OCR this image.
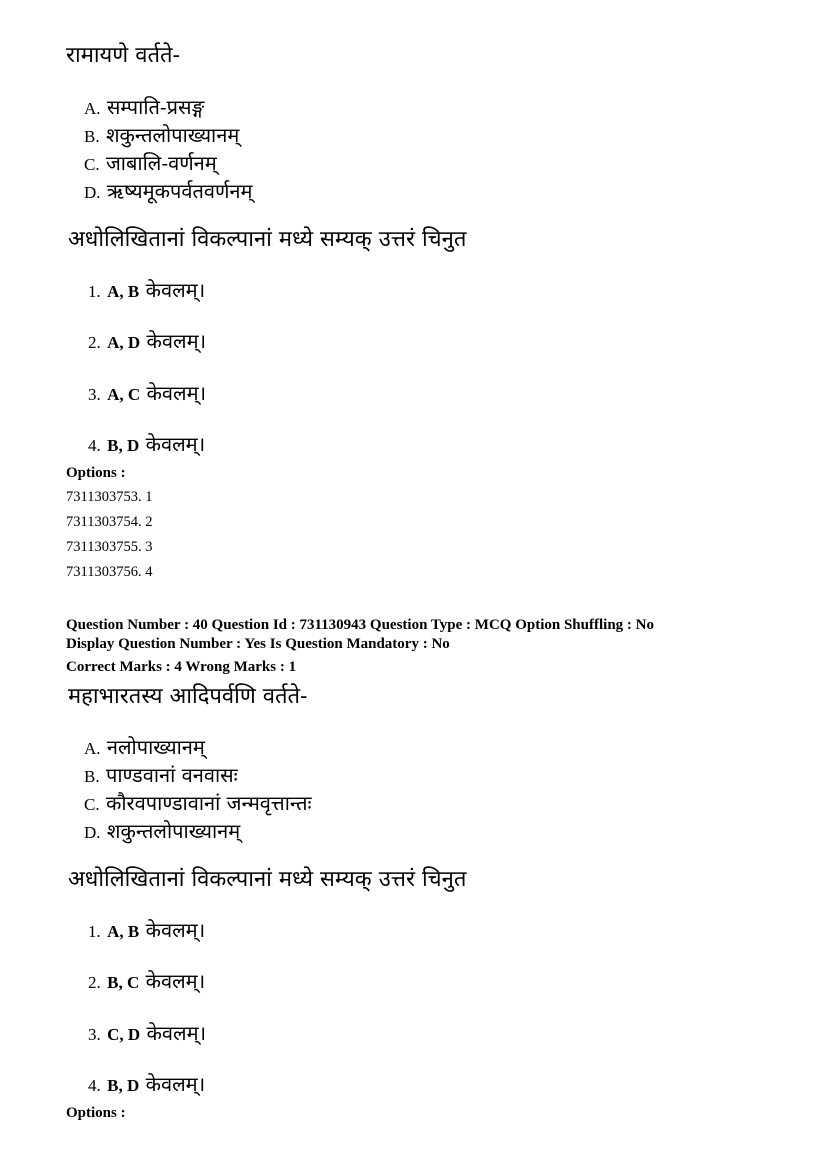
रामायणे वर्तते-
A. सम्पाति-प्रसङ्ग
B. शकुन्तलोपाख्यानम्
C. जाबालि-वर्णनम्
D. ऋष्यमूकपर्वतवर्णनम्
अधोलिखितानां विकल्पानां मध्ये सम्यक् उत्तरं चिनुत
1. A, B केवलम्।
2. A, D केवलम्।
3. A, C केवलम्।
4. B, D केवलम्।
Options :
7311303753. 1
7311303754. 2
7311303755. 3
7311303756. 4
Question Number : 40 Question Id : 731130943 Question Type : MCQ Option Shuffling : No
Display Question Number : Yes Is Question Mandatory : No
Correct Marks : 4 Wrong Marks : 1
महाभारतस्य आदिपर्वणि वर्तते-
A. नलोपाख्यानम्
B. पाण्डवानां वनवासः
C. कौरवपाण्डावानां जन्मवृत्तान्तः
D. शकुन्तलोपाख्यानम्
अधोलिखितानां विकल्पानां मध्ये सम्यक् उत्तरं चिनुत
1. A, B केवलम्।
2. B, C केवलम्।
3. C, D केवलम्।
4. B, D केवलम्।
Options :
